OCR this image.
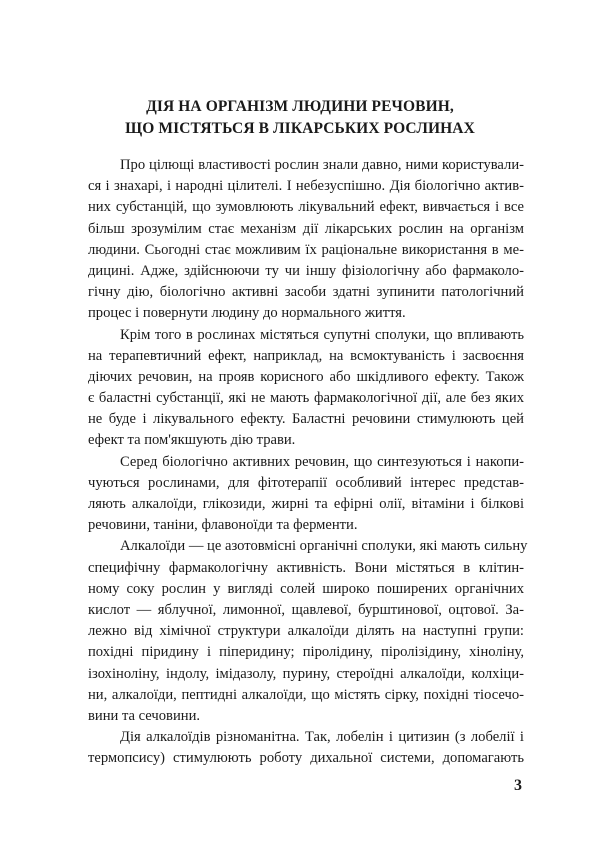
ДІЯ НА ОРГАНІЗМ ЛЮДИНИ РЕЧОВИН,
ЩО МІСТЯТЬСЯ В ЛІКАРСЬКИХ РОСЛИНАХ
Про цілющі властивості рослин знали давно, ними користували-
ся і знахарі, і народні цілителі. І небезуспішно. Дія біологічно актив-
них субстанцій, що зумовлюють лікувальний ефект, вивчається і все
більш зрозумілим стає механізм дії лікарських рослин на організм
людини. Сьогодні стає можливим їх раціональне використання в ме-
дицині. Адже, здійснюючи ту чи іншу фізіологічну або фармаколо-
гічну дію, біологічно активні засоби здатні зупинити патологічний
процес і повернути людину до нормального життя.
Крім того в рослинах містяться супутні сполуки, що впливають
на терапевтичний ефект, наприклад, на всмоктуваність і засвоєння
діючих речовин, на прояв корисного або шкідливого ефекту. Також
є баластні субстанції, які не мають фармакологічної дії, але без яких
не буде і лікувального ефекту. Баластні речовини стимулюють цей
ефект та пом'якшують дію трави.
Серед біологічно активних речовин, що синтезуються і накопи-
чуються рослинами, для фітотерапії особливий інтерес представ-
ляють алкалоїди, глікозиди, жирні та ефірні олії, вітаміни і білкові
речовини, таніни, флавоноїди та ферменти.
Алкалоїди — це азотовмісні органічні сполуки, які мають сильну
специфічну фармакологічну активність. Вони містяться в клітин-
ному соку рослин у вигляді солей широко поширених органічних
кислот — яблучної, лимонної, щавлевої, бурштинової, оцтової. За-
лежно від хімічної структури алкалоїди ділять на наступні групи:
похідні піридину і піперидину; піролідину, піролізідину, хіноліну,
ізохіноліну, індолу, імідазолу, пурину, стероїдні алкалоїди, колхіци-
ни, алкалоїди, пептидні алкалоїди, що містять сірку, похідні тіосечо-
вини та сечовини.
Дія алкалоїдів різноманітна. Так, лобелін і цитизин (з лобелії і
термопсису) стимулюють роботу дихальної системи, допомагають
3
